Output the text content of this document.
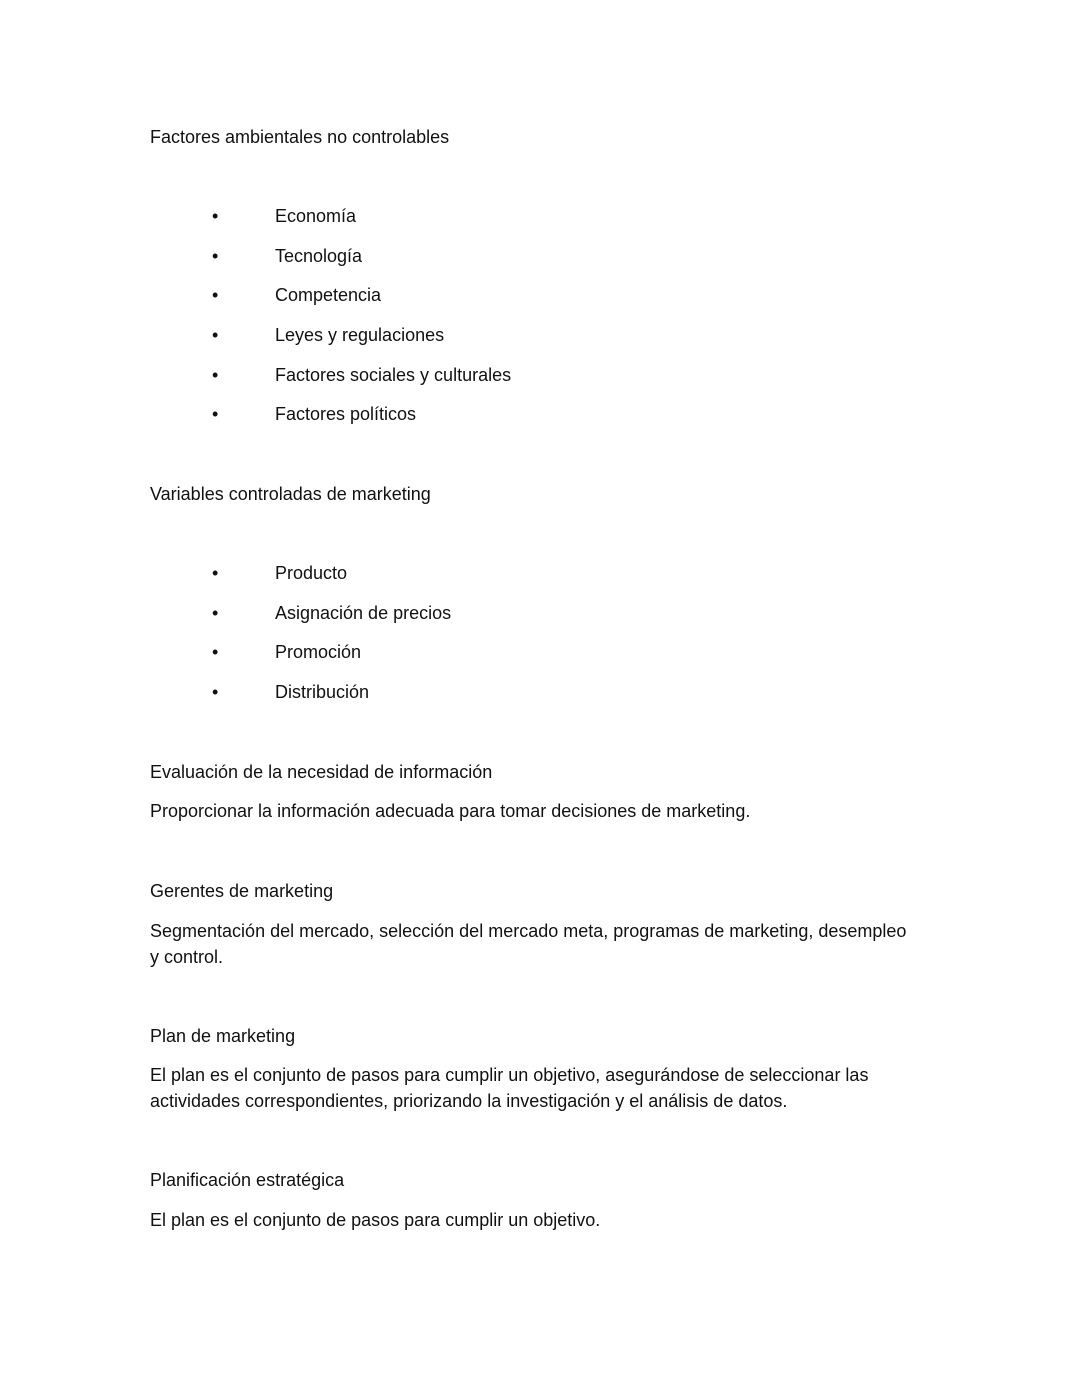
Factores ambientales no controlables

•	Economía
•	Tecnología
•	Competencia
•	Leyes y regulaciones
•	Factores sociales y culturales
•	Factores políticos

Variables controladas de marketing

•	Producto
•	Asignación de precios
•	Promoción
•	Distribución

Evaluación de la necesidad de información

Proporcionar la información adecuada para tomar decisiones de marketing.

Gerentes de marketing

Segmentación del mercado, selección del mercado meta, programas de marketing, desempleo y control.

Plan de marketing

El plan es el conjunto de pasos para cumplir un objetivo, asegurándose de seleccionar las actividades correspondientes, priorizando la investigación y el análisis de datos.

Planificación estratégica

El plan es el conjunto de pasos para cumplir un objetivo.
